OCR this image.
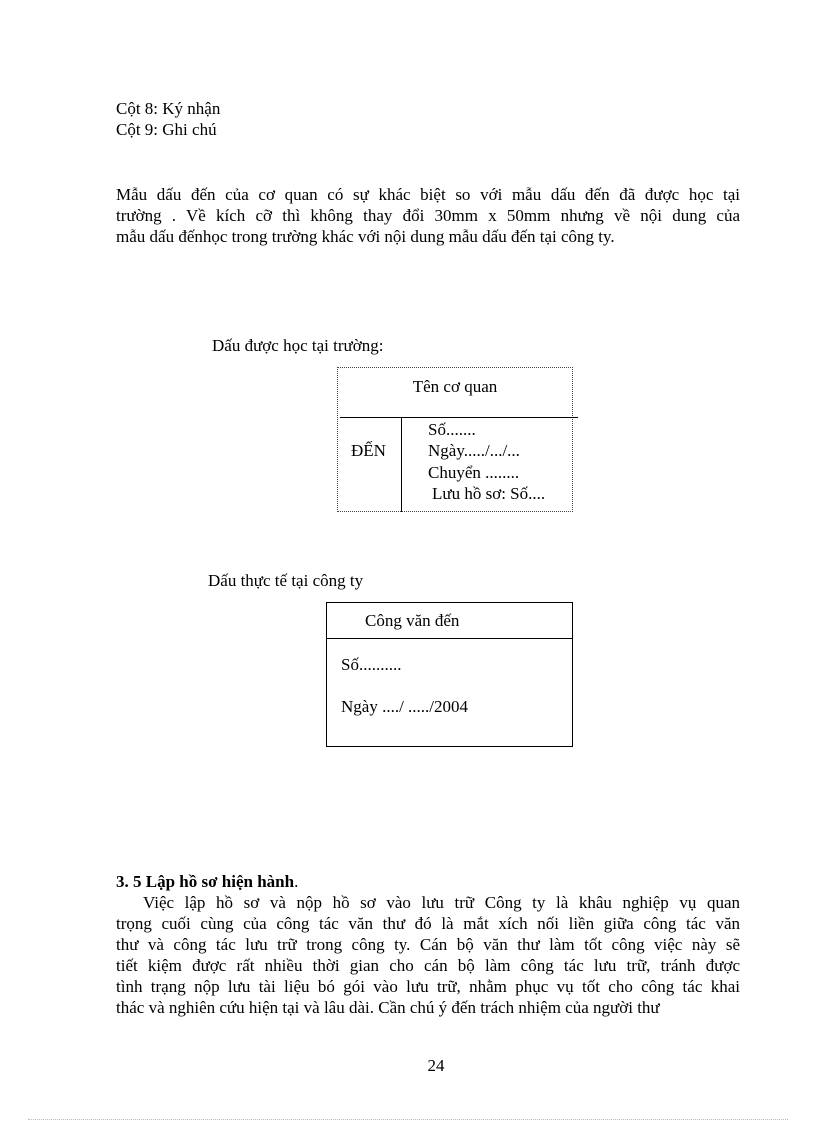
Cột 8: Ký nhận
Cột 9: Ghi chú
Mẫu dấu đến của cơ quan có sự khác biệt so với mẫu dấu đến đã được học tại
trường . Về kích cỡ thì không thay đổi 30mm x 50mm nhưng về nội dung của
mẫu dấu đếnhọc trong trường khác với nội dung mẫu dấu đến tại công ty.
Dấu được học tại trường:
Tên cơ quan
ĐẾN
Số.......
Ngày...../.../...
Chuyển ........
Lưu hồ sơ: Số....
Dấu thực tế tại công ty
Công văn đến
Số..........
Ngày ..../ ...../2004
3. 5 Lập hồ sơ hiện hành.
Việc lập hồ sơ và nộp hồ sơ vào lưu trữ Công ty là khâu nghiệp vụ quan
trọng cuối cùng của công tác văn thư đó là mắt xích nối liền giữa công tác văn
thư và công tác lưu trữ trong công ty. Cán bộ văn thư làm tốt công việc này sẽ
tiết kiệm được rất nhiều thời gian cho cán bộ làm công tác lưu trữ, tránh được
tình trạng nộp lưu tài liệu bó gói vào lưu trữ, nhằm phục vụ tốt cho công tác khai
thác và nghiên cứu hiện tại và lâu dài. Cần chú ý đến trách nhiệm của người thư
24
